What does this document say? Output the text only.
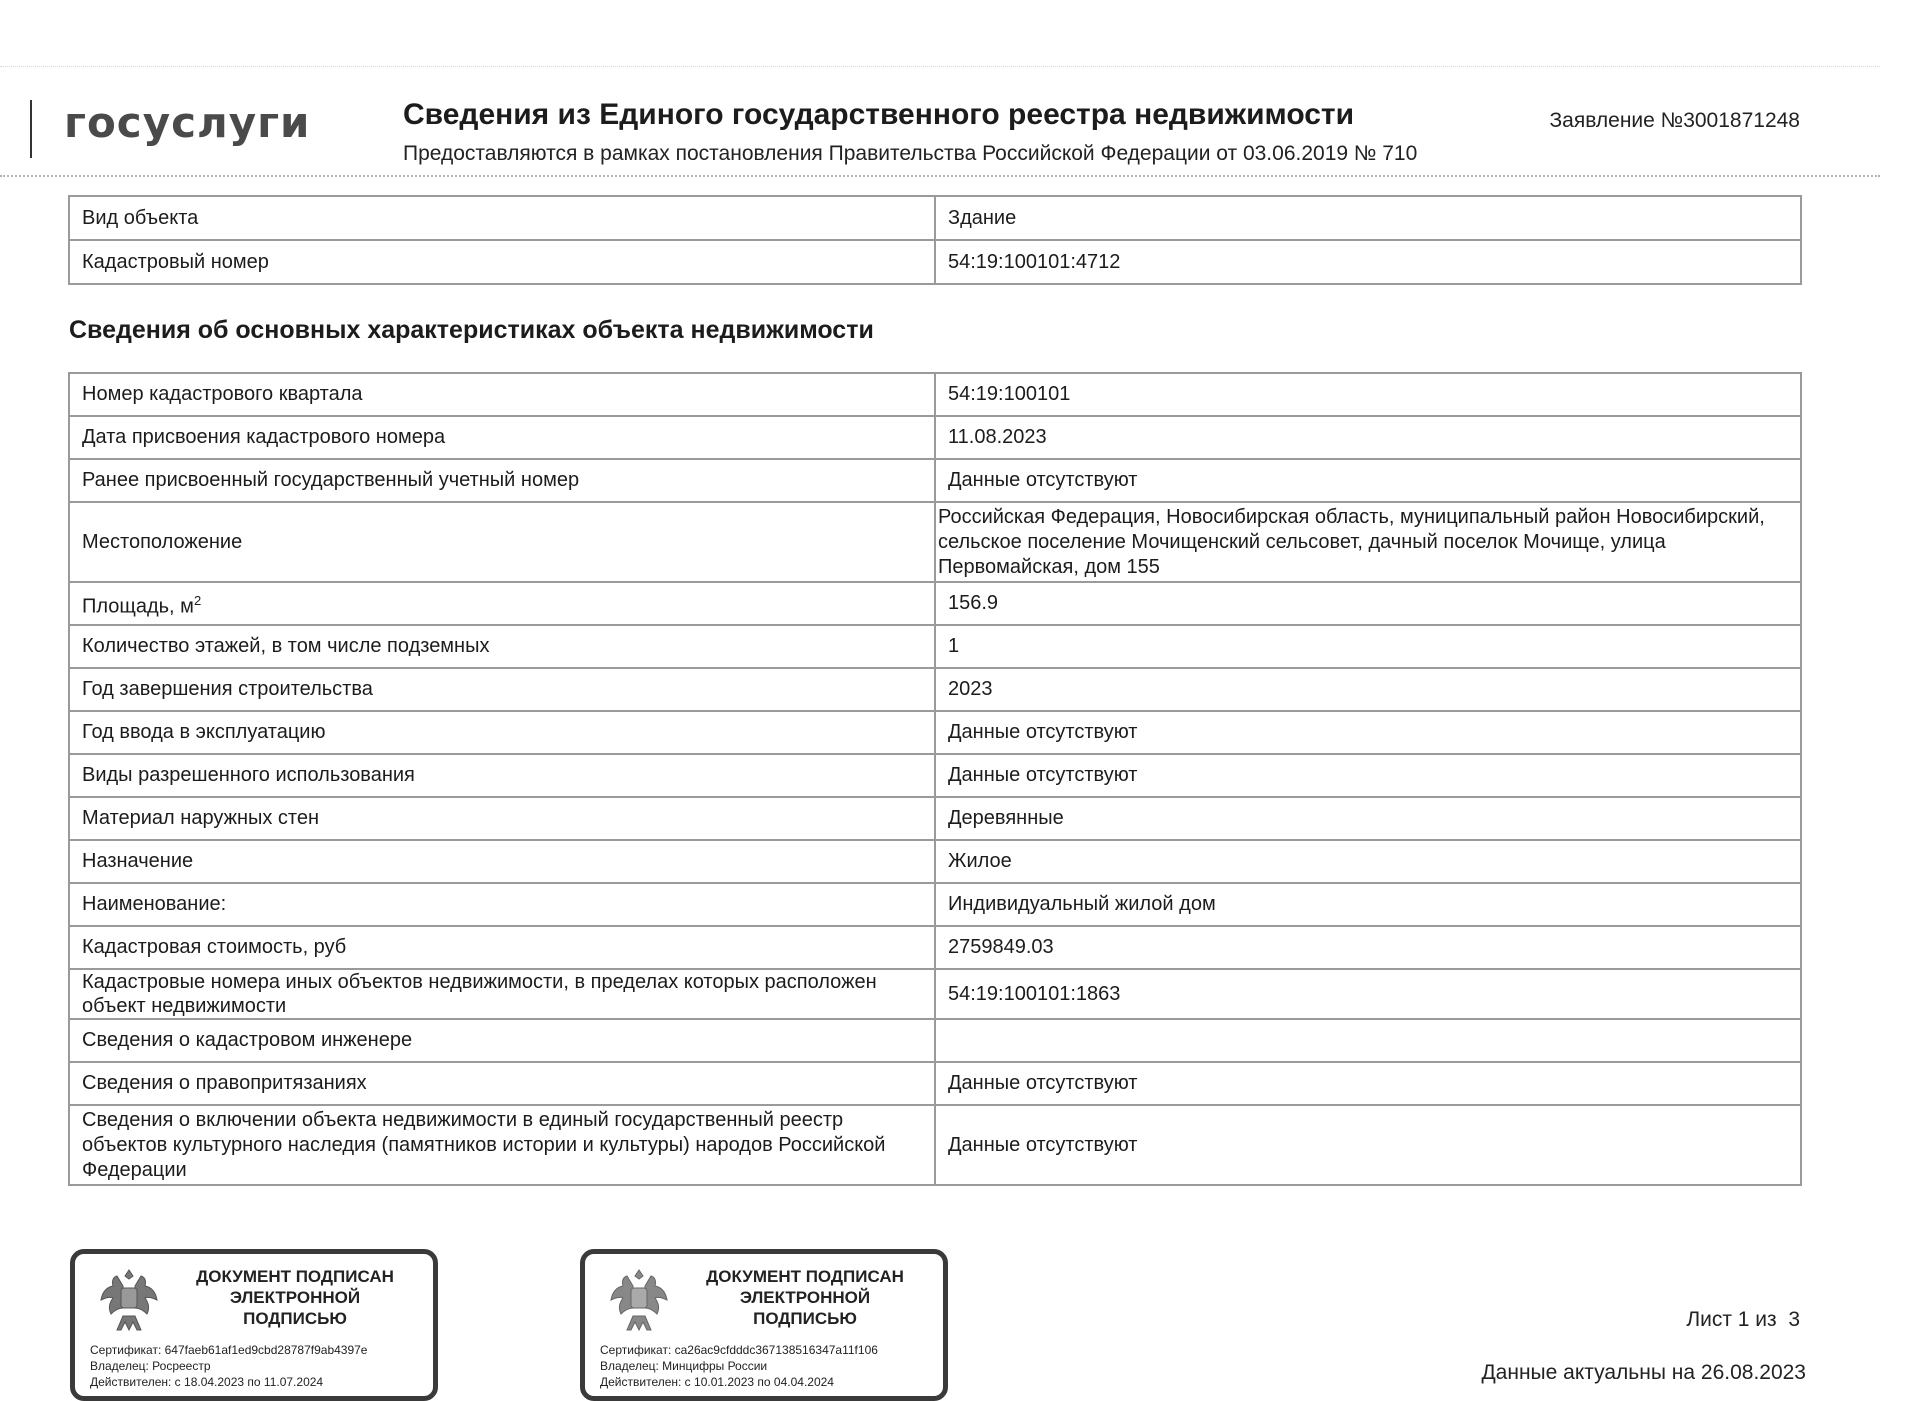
госуслуги	Сведения из Единого государственного реестра недвижимости
Предоставляются в рамках постановления Правительства Российской Федерации от 03.06.2019 № 710
Заявление №3001871248
Вид объекта	Здание
Кадастровый номер	54:19:100101:4712
Сведения об основных характеристиках объекта недвижимости
Номер кадастрового квартала	54:19:100101
Дата присвоения кадастрового номера	11.08.2023
Ранее присвоенный государственный учетный номер	Данные отсутствуют
Местоположение	Российская Федерация, Новосибирская область, муниципальный район Новосибирский, сельское поселение Мочищенский сельсовет, дачный поселок Мочище, улица Первомайская, дом 155
Площадь, $м^2$	156.9
Количество этажей, в том числе подземных	1
Год завершения строительства	2023
Год ввода в эксплуатацию	Данные отсутствуют
Виды разрешенного использования	Данные отсутствуют
Материал наружных стен	Деревянные
Назначение	Жилое
Наименование:	Индивидуальный жилой дом
Кадастровая стоимость, руб	2759849.03
Кадастровые номера иных объектов недвижимости, в пределах которых расположен объект недвижимости	54:19:100101:1863
Сведения о кадастровом инженере	
Сведения о правопритязаниях	Данные отсутствуют
Сведения о включении объекта недвижимости в единый государственный реестр объектов культурного наследия (памятников истории и культуры) народов Российской Федерации	Данные отсутствуют
ДОКУМЕНТ ПОДПИСАН
ЭЛЕКТРОННОЙ
ПОДПИСЬЮ
Сертификат: 647faeb61af1ed9cbd28787f9ab4397e
Владелец: Росреестр
Действителен: с 18.04.2023 по 11.07.2024
ДОКУМЕНТ ПОДПИСАН
ЭЛЕКТРОННОЙ
ПОДПИСЬЮ
Сертификат: ca26ac9cfdddc367138516347a11f106
Владелец: Минцифры России
Действителен: с 10.01.2023 по 04.04.2024
Лист 1 из  3
Данные актуальны на 26.08.2023
